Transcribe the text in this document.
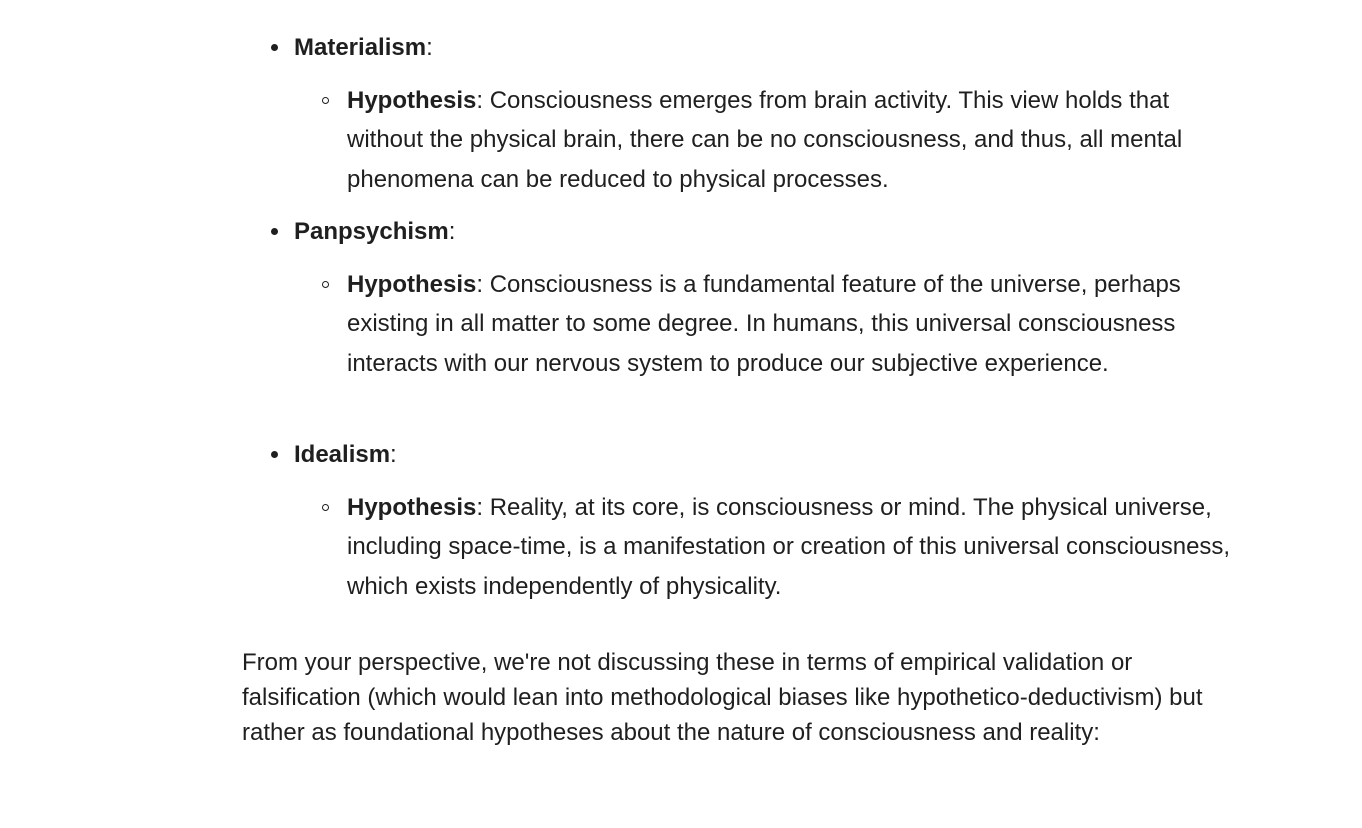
Materialism:
Hypothesis: Consciousness emerges from brain activity. This view holds that without the physical brain, there can be no consciousness, and thus, all mental phenomena can be reduced to physical processes.
Panpsychism:
Hypothesis: Consciousness is a fundamental feature of the universe, perhaps existing in all matter to some degree. In humans, this universal consciousness interacts with our nervous system to produce our subjective experience.
Idealism:
Hypothesis: Reality, at its core, is consciousness or mind. The physical universe, including space-time, is a manifestation or creation of this universal consciousness, which exists independently of physicality.

From your perspective, we're not discussing these in terms of empirical validation or falsification (which would lean into methodological biases like hypothetico-deductivism) but rather as foundational hypotheses about the nature of consciousness and reality:
